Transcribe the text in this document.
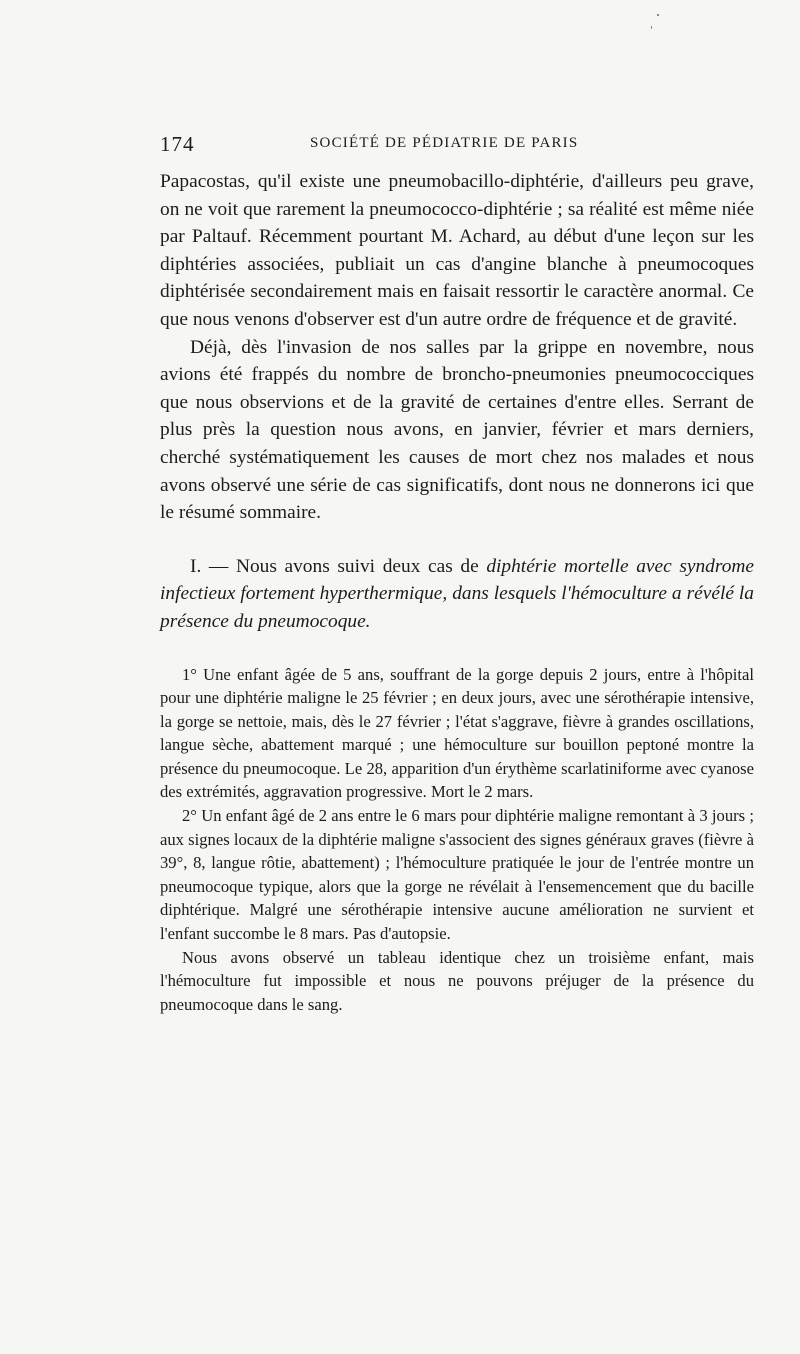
174	SOCIÉTÉ DE PÉDIATRIE DE PARIS

Papacostas, qu'il existe une pneumobacillo-diphtérie, d'ailleurs peu grave, on ne voit que rarement la pneumococco-diphtérie ; sa réalité est même niée par Paltauf. Récemment pourtant M. Achard, au début d'une leçon sur les diphtéries associées, publiait un cas d'angine blanche à pneumocoques diphtérisée secondairement mais en faisait ressortir le caractère anormal. Ce que nous venons d'observer est d'un autre ordre de fréquence et de gravité.

Déjà, dès l'invasion de nos salles par la grippe en novembre, nous avions été frappés du nombre de broncho-pneumonies pneumococciques que nous observions et de la gravité de certaines d'entre elles. Serrant de plus près la question nous avons, en janvier, février et mars derniers, cherché systématiquement les causes de mort chez nos malades et nous avons observé une série de cas significatifs, dont nous ne donnerons ici que le résumé sommaire.

I. — Nous avons suivi deux cas de diphtérie mortelle avec syndrome infectieux fortement hyperthermique, dans lesquels l'hémoculture a révélé la présence du pneumocoque.

1° Une enfant âgée de 5 ans, souffrant de la gorge depuis 2 jours, entre à l'hôpital pour une diphtérie maligne le 25 février ; en deux jours, avec une sérothérapie intensive, la gorge se nettoie, mais, dès le 27 février ; l'état s'aggrave, fièvre à grandes oscillations, langue sèche, abattement marqué ; une hémoculture sur bouillon peptoné montre la présence du pneumocoque. Le 28, apparition d'un érythème scarlatiniforme avec cyanose des extrémités, aggravation progressive. Mort le 2 mars.

2° Un enfant âgé de 2 ans entre le 6 mars pour diphtérie maligne remontant à 3 jours ; aux signes locaux de la diphtérie maligne s'associent des signes généraux graves (fièvre à 39°, 8, langue rôtie, abattement) ; l'hémoculture pratiquée le jour de l'entrée montre un pneumocoque typique, alors que la gorge ne révélait à l'ensemencement que du bacille diphtérique. Malgré une sérothérapie intensive aucune amélioration ne survient et l'enfant succombe le 8 mars. Pas d'autopsie.

Nous avons observé un tableau identique chez un troisième enfant, mais l'hémoculture fut impossible et nous ne pouvons préjuger de la présence du pneumocoque dans le sang.
